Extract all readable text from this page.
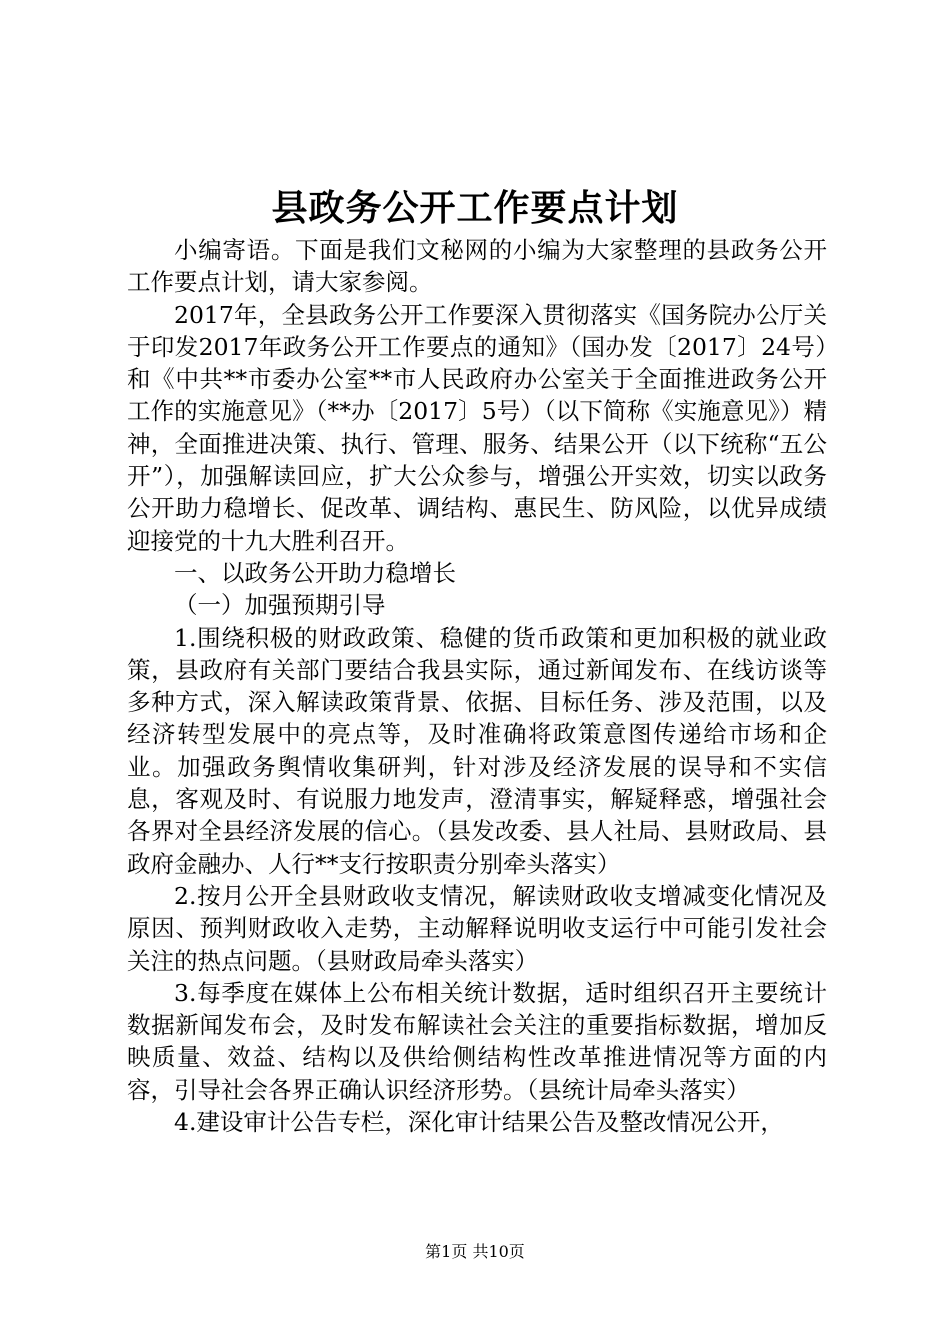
县政务公开工作要点计划

小编寄语。下面是我们文秘网的小编为大家整理的县政务公开工作要点计划，请大家参阅。

2017年，全县政务公开工作要深入贯彻落实《国务院办公厅关于印发2017年政务公开工作要点的通知》（国办发〔2017〕24号）和《中共**市委办公室**市人民政府办公室关于全面推进政务公开工作的实施意见》（**办〔2017〕5号）（以下简称《实施意见》）精神，全面推进决策、执行、管理、服务、结果公开（以下统称“五公开”），加强解读回应，扩大公众参与，增强公开实效，切实以政务公开助力稳增长、促改革、调结构、惠民生、防风险，以优异成绩迎接党的十九大胜利召开。

一、以政务公开助力稳增长

（一）加强预期引导

1.围绕积极的财政政策、稳健的货币政策和更加积极的就业政策，县政府有关部门要结合我县实际，通过新闻发布、在线访谈等多种方式，深入解读政策背景、依据、目标任务、涉及范围，以及经济转型发展中的亮点等，及时准确将政策意图传递给市场和企业。加强政务舆情收集研判，针对涉及经济发展的误导和不实信息，客观及时、有说服力地发声，澄清事实，解疑释惑，增强社会各界对全县经济发展的信心。（县发改委、县人社局、县财政局、县政府金融办、人行**支行按职责分别牵头落实）

2.按月公开全县财政收支情况，解读财政收支增减变化情况及原因、预判财政收入走势，主动解释说明收支运行中可能引发社会关注的热点问题。（县财政局牵头落实）

3.每季度在媒体上公布相关统计数据，适时组织召开主要统计数据新闻发布会，及时发布解读社会关注的重要指标数据，增加反映质量、效益、结构以及供给侧结构性改革推进情况等方面的内容，引导社会各界正确认识经济形势。（县统计局牵头落实）

4.建设审计公告专栏，深化审计结果公告及整改情况公开，

第1页 共10页
